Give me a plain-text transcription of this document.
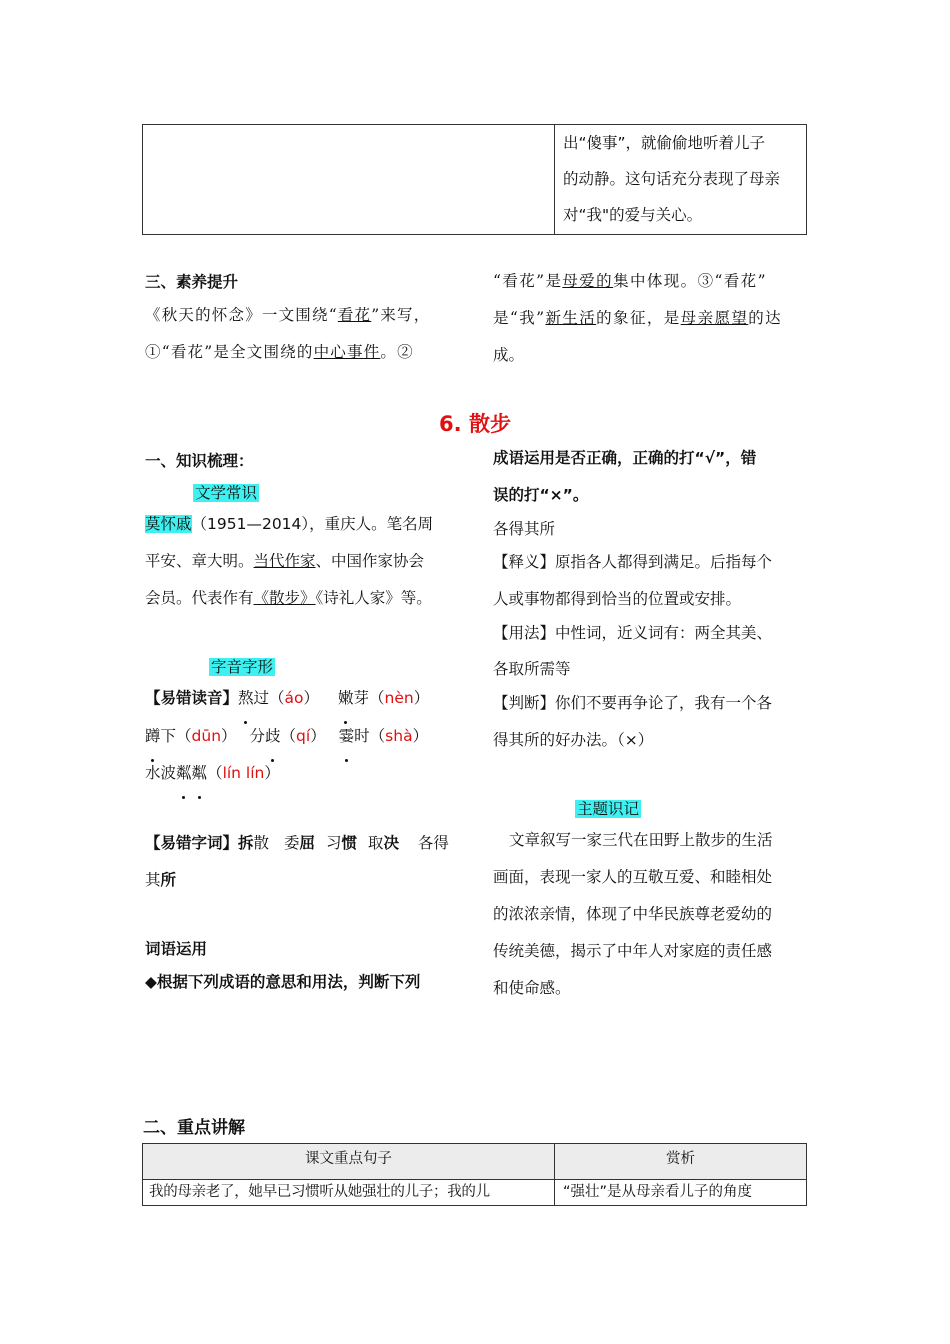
出“傻事”，就偷偷地听着儿子
的动静。这句话充分表现了母亲
对“我"的爱与关心。
三、素养提升
《秋天的怀念》一文围绕“看花”来写，
①“看花”是全文围绕的中心事件。②
“看花”是母爱的集中体现。③“看花”
是“我”新生活的象征，是母亲愿望的达
成。
6. 散步
一、知识梳理：
文学常识
莫怀戚（1951—2014），重庆人。笔名周
平安、章大明。当代作家、中国作家协会
会员。代表作有《散步》《诗礼人家》等。
字音字形
【易错读音】熬过（áo） 嫩芽（nèn）
蹲下（dūn） 分歧（qí） 霎时（shà）
水波粼粼（lín lín）
【易错字词】拆散 委屈 习惯 取决 各得
其所
词语运用
◆根据下列成语的意思和用法，判断下列
成语运用是否正确，正确的打“√”，错
误的打“×”。
各得其所
【释义】原指各人都得到满足。后指每个
人或事物都得到恰当的位置或安排。
【用法】中性词，近义词有：两全其美、
各取所需等
【判断】你们不要再争论了，我有一个各
得其所的好办法。（×）
主题识记
文章叙写一家三代在田野上散步的生活
画面，表现一家人的互敬互爱、和睦相处
的浓浓亲情，体现了中华民族尊老爱幼的
传统美德，揭示了中年人对家庭的责任感
和使命感。
二、重点讲解
课文重点句子	赏析
我的母亲老了，她早已习惯听从她强壮的儿子；我的儿	“强壮”是从母亲看儿子的角度
